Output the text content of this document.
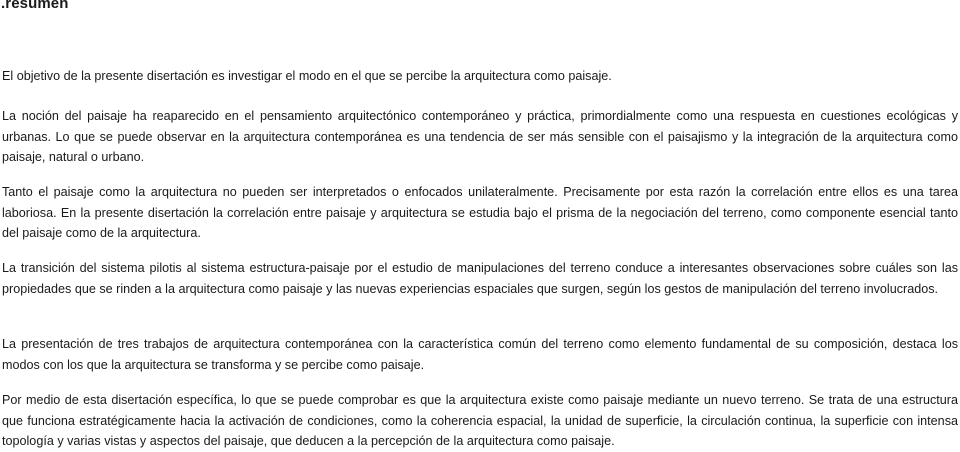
.resumen

El objetivo de la presente disertación es investigar el modo en el que se percibe la arquitectura como paisaje.

La noción del paisaje ha reaparecido en el pensamiento arquitectónico contemporáneo y práctica, primordialmente como una respuesta en cuestiones ecológicas y urbanas. Lo que se puede observar en la arquitectura contemporánea es una tendencia de ser más sensible con el paisajismo y la integración de la arquitectura como paisaje, natural o urbano.

Tanto el paisaje como la arquitectura no pueden ser interpretados o enfocados unilateralmente. Precisamente por esta razón la correlación entre ellos es una tarea laboriosa. En la presente disertación la correlación entre paisaje y arquitectura se estudia bajo el prisma de la negociación del terreno, como componente esencial tanto del paisaje como de la arquitectura.

La transición del sistema pilotis al sistema estructura-paisaje por el estudio de manipulaciones del terreno conduce a interesantes observaciones sobre cuáles son las propiedades que se rinden a la arquitectura como paisaje y las nuevas experiencias espaciales que surgen, según los gestos de manipulación del terreno involucrados.

La presentación de tres trabajos de arquitectura contemporánea con la característica común del terreno como elemento fundamental de su composición, destaca los modos con los que la arquitectura se transforma y se percibe como paisaje.

Por medio de esta disertación específica, lo que se puede comprobar es que la arquitectura existe como paisaje mediante un nuevo terreno. Se trata de una estructura que funciona estratégicamente hacia la activación de condiciones, como la coherencia espacial, la unidad de superficie, la circulación continua, la superficie con intensa topología y varias vistas y aspectos del paisaje, que deducen a la percepción de la arquitectura como paisaje.
